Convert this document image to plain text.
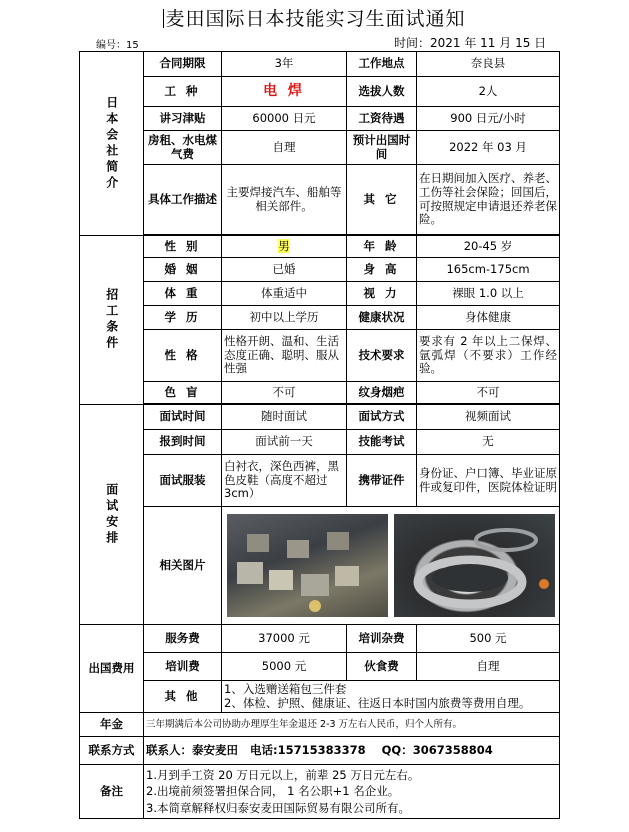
麦田国际日本技能实习生面试通知
编号：15	时间：2021 年 11 月 15 日
日本会社简介	合同期限	3年	工作地点	奈良县
	工 种	电 焊	选拔人数	2人
	讲习津贴	60000 日元	工资待遇	900 日元/小时
	房租、水电煤气费	自理	预计出国时间	2022 年 03 月
	具体工作描述	主要焊接汽车、船舶等相关部件。	其 它	在日期间加入医疗、养老、工伤等社会保险；回国后，可按照规定申请退还养老保险。

招工条件	性 别	男	年 龄	20-45 岁
	婚 姻	已婚	身 高	165cm-175cm
	体 重	体重适中	视 力	裸眼 1.0 以上
	学 历	初中以上学历	健康状况	身体健康
	性 格	性格开朗、温和、生活态度正确、聪明、服从性强	技术要求	要求有 2 年以上二保焊、氩弧焊（不要求）工作经验。
	色 盲	不可	纹身烟疤	不可

面试安排	面试时间	随时面试	面试方式	视频面试
	报到时间	面试前一天	技能考试	无
	面试服装	白衬衣，深色西裤，黑色皮鞋（高度不超过 3cm）	携带证件	身份证、户口簿、毕业证原件或复印件，医院体检证明
	相关图片	

出国费用	服务费	37000 元	培训杂费	500 元
	培训费	5000 元	伙食费	自理
	其 他	1、入选赠送箱包三件套
2、体检、护照、健康证、往返日本时国内旅费等费用自理。		

年金	三年期满后本公司协助办理厚生年金退还 2-3 万左右人民币，归个人所有。			
联系方式	联系人：泰安麦田   电话:15715383378    QQ：3067358804			
备注	1.月到手工资 20 万日元以上，前辈 25 万日元左右。
2.出境前须签署担保合同， 1 名公职+1 名企业。
3.本简章解释权归泰安麦田国际贸易有限公司所有。			
